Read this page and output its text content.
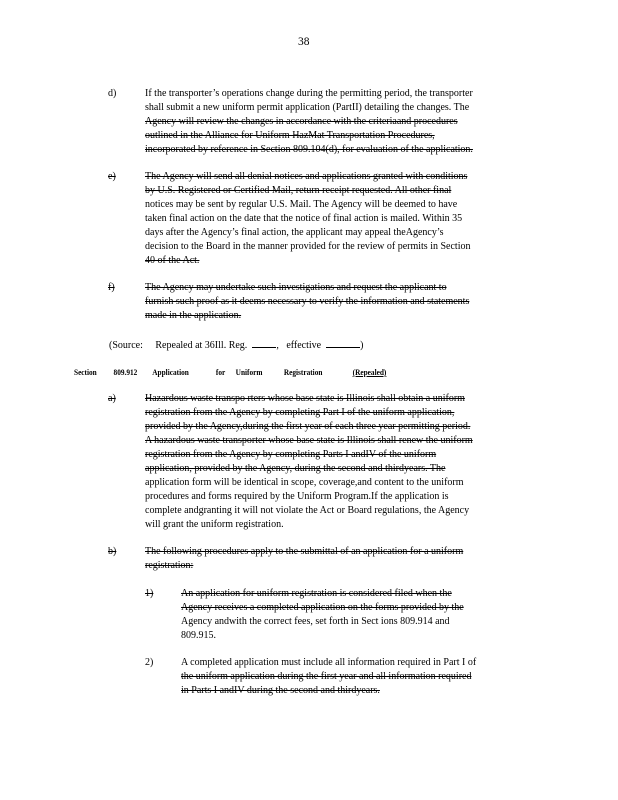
38
d)	If the transporter’s operations change during the permitting period, the transporter
shall submit a new uniform permit application (PartII) detailing the changes. The
Agency will review the changes in accordance with the criteriaand procedures
outlined in the Alliance for Uniform HazMat Transportation Procedures,
incorporated by reference in Section 809.104(d), for evaluation of the application.
e)	The Agency will send all denial notices and applications granted with conditions
by U.S. Registered or Certified Mail, return receipt requested. All other final
notices may be sent by regular U.S. Mail. The Agency will be deemed to have
taken final action on the date that the notice of final action is mailed. Within 35
days after the Agency’s final action, the applicant may appeal theAgency’s
decision to the Board in the manner provided for the review of permits in Section
40 of the Act.
f)	The Agency may undertake such investigations and request the applicant to
furnish such proof as it deems necessary to verify the information and statements
made in the application.
(Source: Repealed at 36Ill. Reg.	,   effective	)
Section 809.912 Application	for Uniform	Registration	(Repealed)
a)	Hazardous waste transpo rters whose base state is Illinois shall obtain a uniform
registration from the Agency by completing Part I of the uniform application,
provided by the Agency,during the first year of each three year permitting period.
A hazardous waste transporter whose base state is Illinois shall renew the uniform
registration from the Agency by completing Parts I andIV of the uniform
application, provided by the Agency, during the second and thirdyears. The
application form will be identical in scope, coverage,and content to the uniform
procedures and forms required by the Uniform Program.If the application is
complete andgranting it will not violate the Act or Board regulations, the Agency
will grant the uniform registration.
b)	The following procedures apply to the submittal of an application for a uniform
registration:
1)	An application for uniform registration is considered filed when the
Agency receives a completed application on the forms provided by the
Agency andwith the correct fees, set forth in Sect ions 809.914 and
809.915.
2)	A completed application must include all information required in Part I of
the uniform application during the first year and all information required
in Parts I andIV during the second and thirdyears.
